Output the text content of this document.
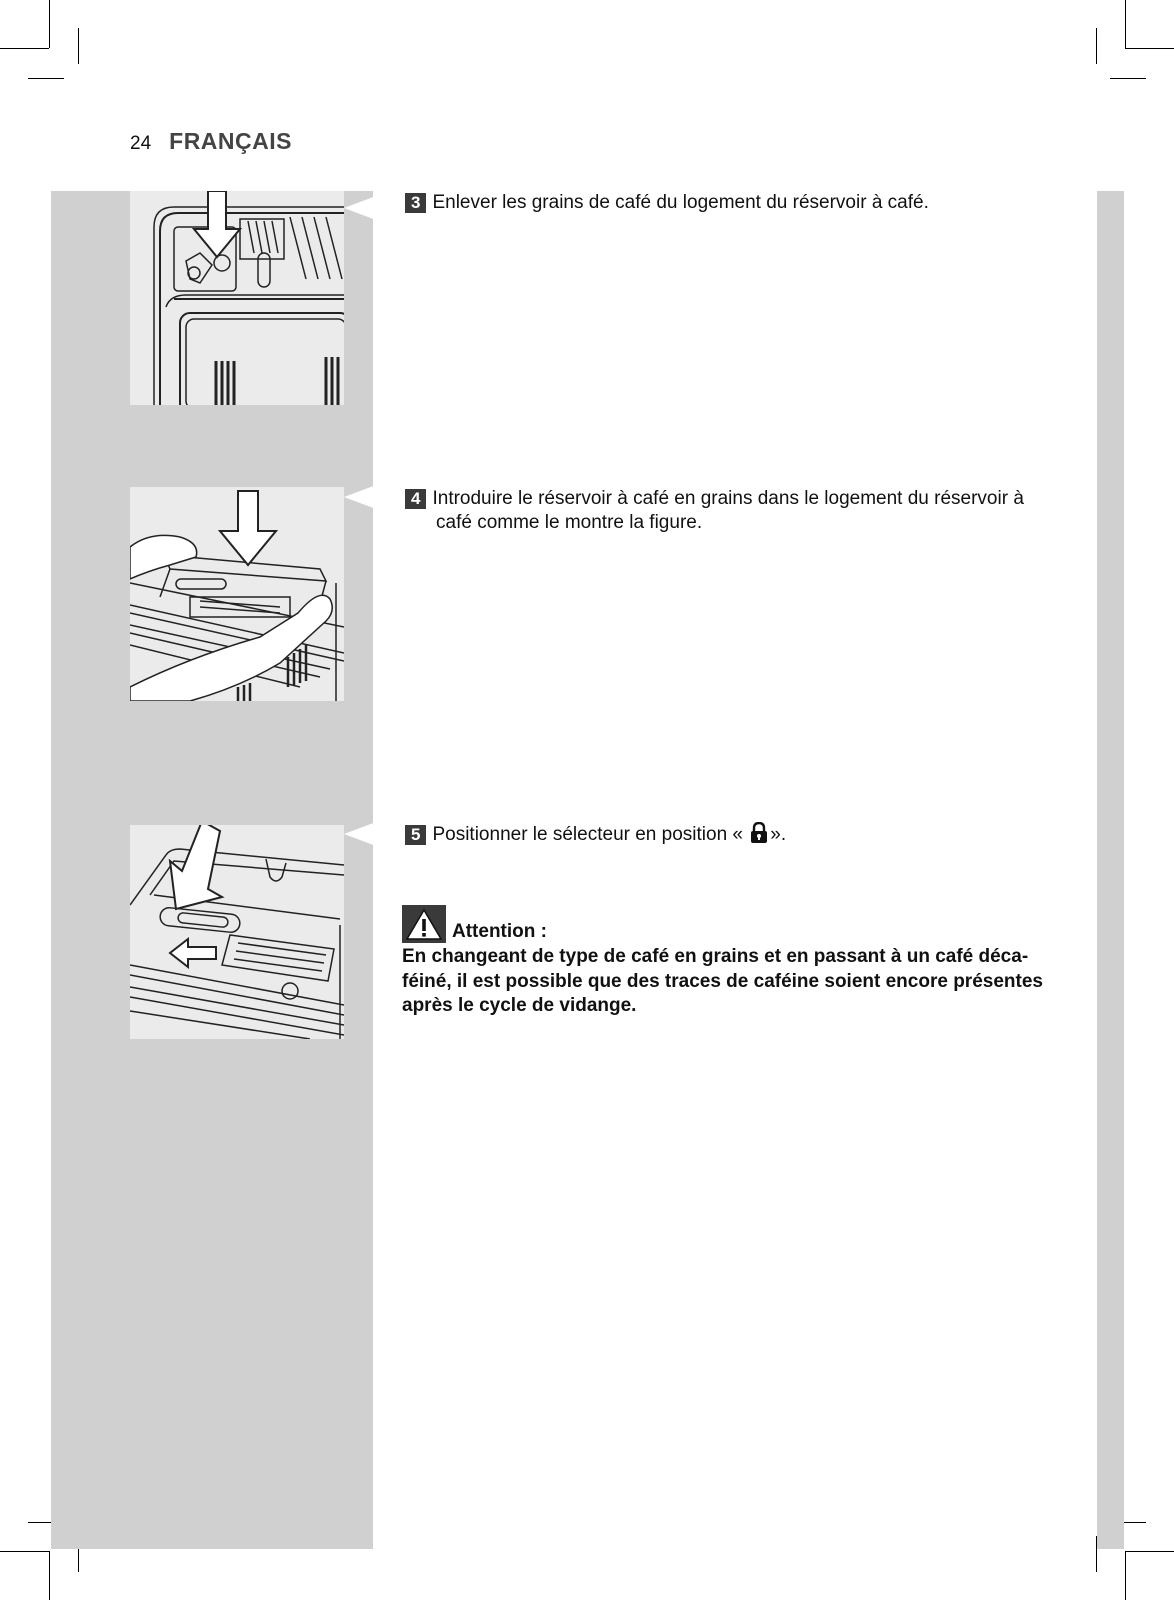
24 FRANÇAIS
3 Enlever les grains de café du logement du réservoir à café.
4 Introduire le réservoir à café en grains dans le logement du réservoir à
café comme le montre la figure.
5 Positionner le sélecteur en position « ».
Attention :
En changeant de type de café en grains et en passant à un café déca-
féiné, il est possible que des traces de caféine soient encore présentes
après le cycle de vidange.
